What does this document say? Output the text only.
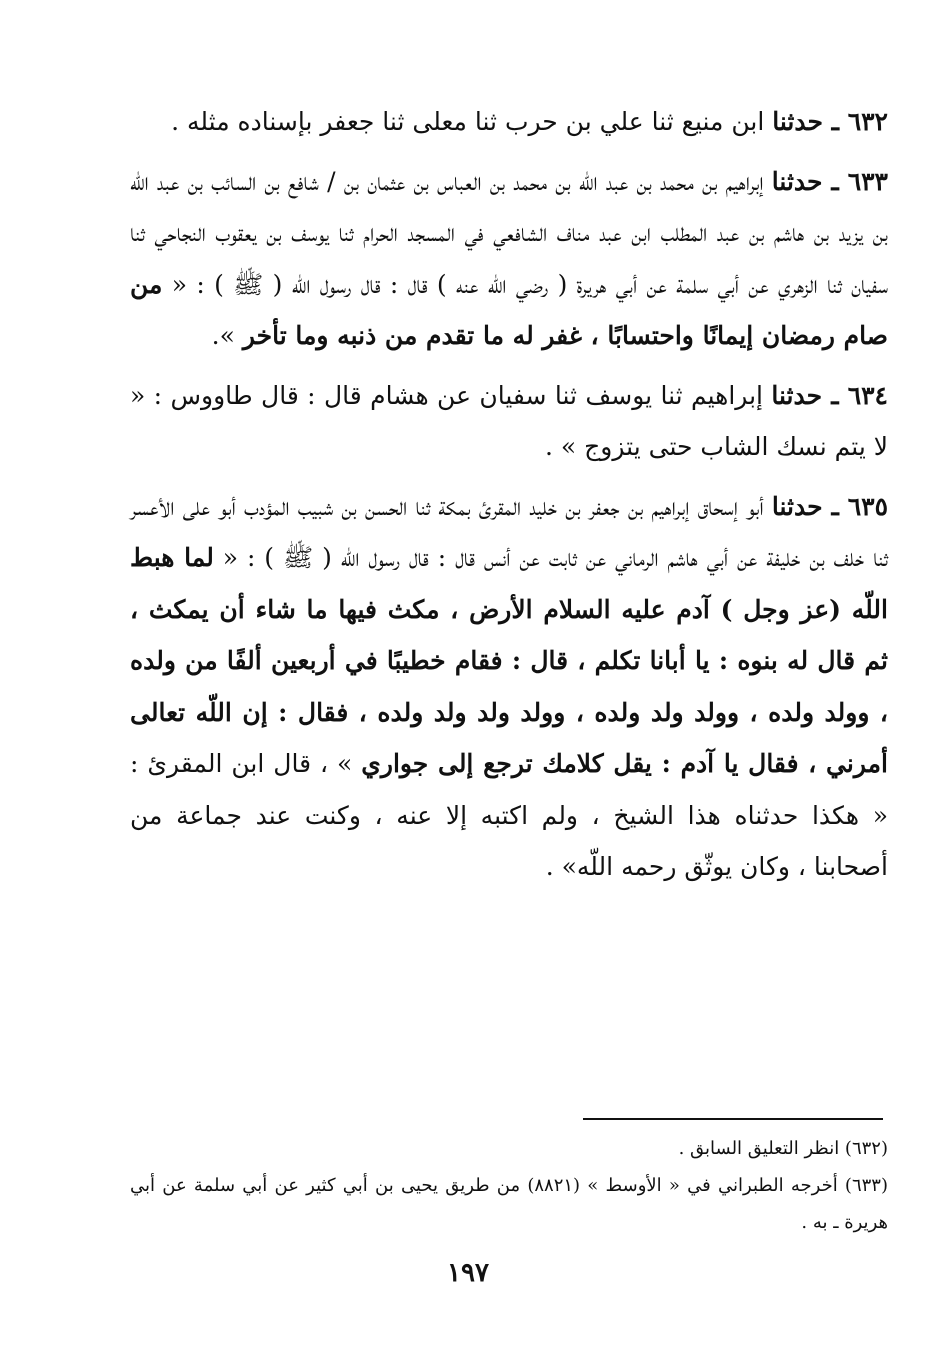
٦٣٢ ـ حدثنا ابن منيع ثنا علي بن حرب ثنا معلى ثنا جعفر بإسناده مثله .

٦٣٣ ـ حدثنا إبراهيم بن محمد بن عبد اللّه بن محمد بن العباس بن عثمان بن / شافع بن السائب بن عبد اللّه بن يزيد بن هاشم بن عبد المطلب ابن عبد مناف الشافعي في المسجد الحرام ثنا يوسف بن يعقوب النجاحي ثنا سفيان ثنا الزهري عن أبي سلمة عن أبي هريرة ( رضي اللّه عنه ) قال : قال رسول اللّه ( ﷺ ) : « من صام رمضان إيمانًا واحتسابًا ، غفر له ما تقدم من ذنبه وما تأخر ».

٦٣٤ ـ حدثنا إبراهيم ثنا يوسف ثنا سفيان عن هشام قال : قال طاووس : « لا يتم نسك الشاب حتى يتزوج » .

٦٣٥ ـ حدثنا أبو إسحاق إبراهيم بن جعفر بن خليد المقرئ بمكة ثنا الحسن بن شبيب المؤدب أبو على الأعسر ثنا خلف بن خليفة عن أبي هاشم الرماني عن ثابت عن أنس قال : قال رسول اللّه ( ﷺ ) : « لما هبط اللّه (عز وجل ) آدم عليه السلام الأرض ، مكث فيها ما شاء أن يمكث ، ثم قال له بنوه : يا أبانا تكلم ، قال : فقام خطيبًا في أربعين ألفًا من ولده ، وولد ولده ، وولد ولد ولده ، وولد ولد ولد ولده ، فقال : إن اللّه تعالى أمرني ، فقال يا آدم : يقل كلامك ترجع إلى جواري » ، قال ابن المقرئ : « هكذا حدثناه هذا الشيخ ، ولم اكتبه إلا عنه ، وكنت عند جماعة من أصحابنا ، وكان يوثّق رحمه اللّه» .

(٦٣٢) انظر التعليق السابق .

(٦٣٣) أخرجه الطبراني في « الأوسط » (٨٨٢١) من طريق يحيى بن أبي كثير عن أبي سلمة عن أبي هريرة ـ به .

١٩٧
